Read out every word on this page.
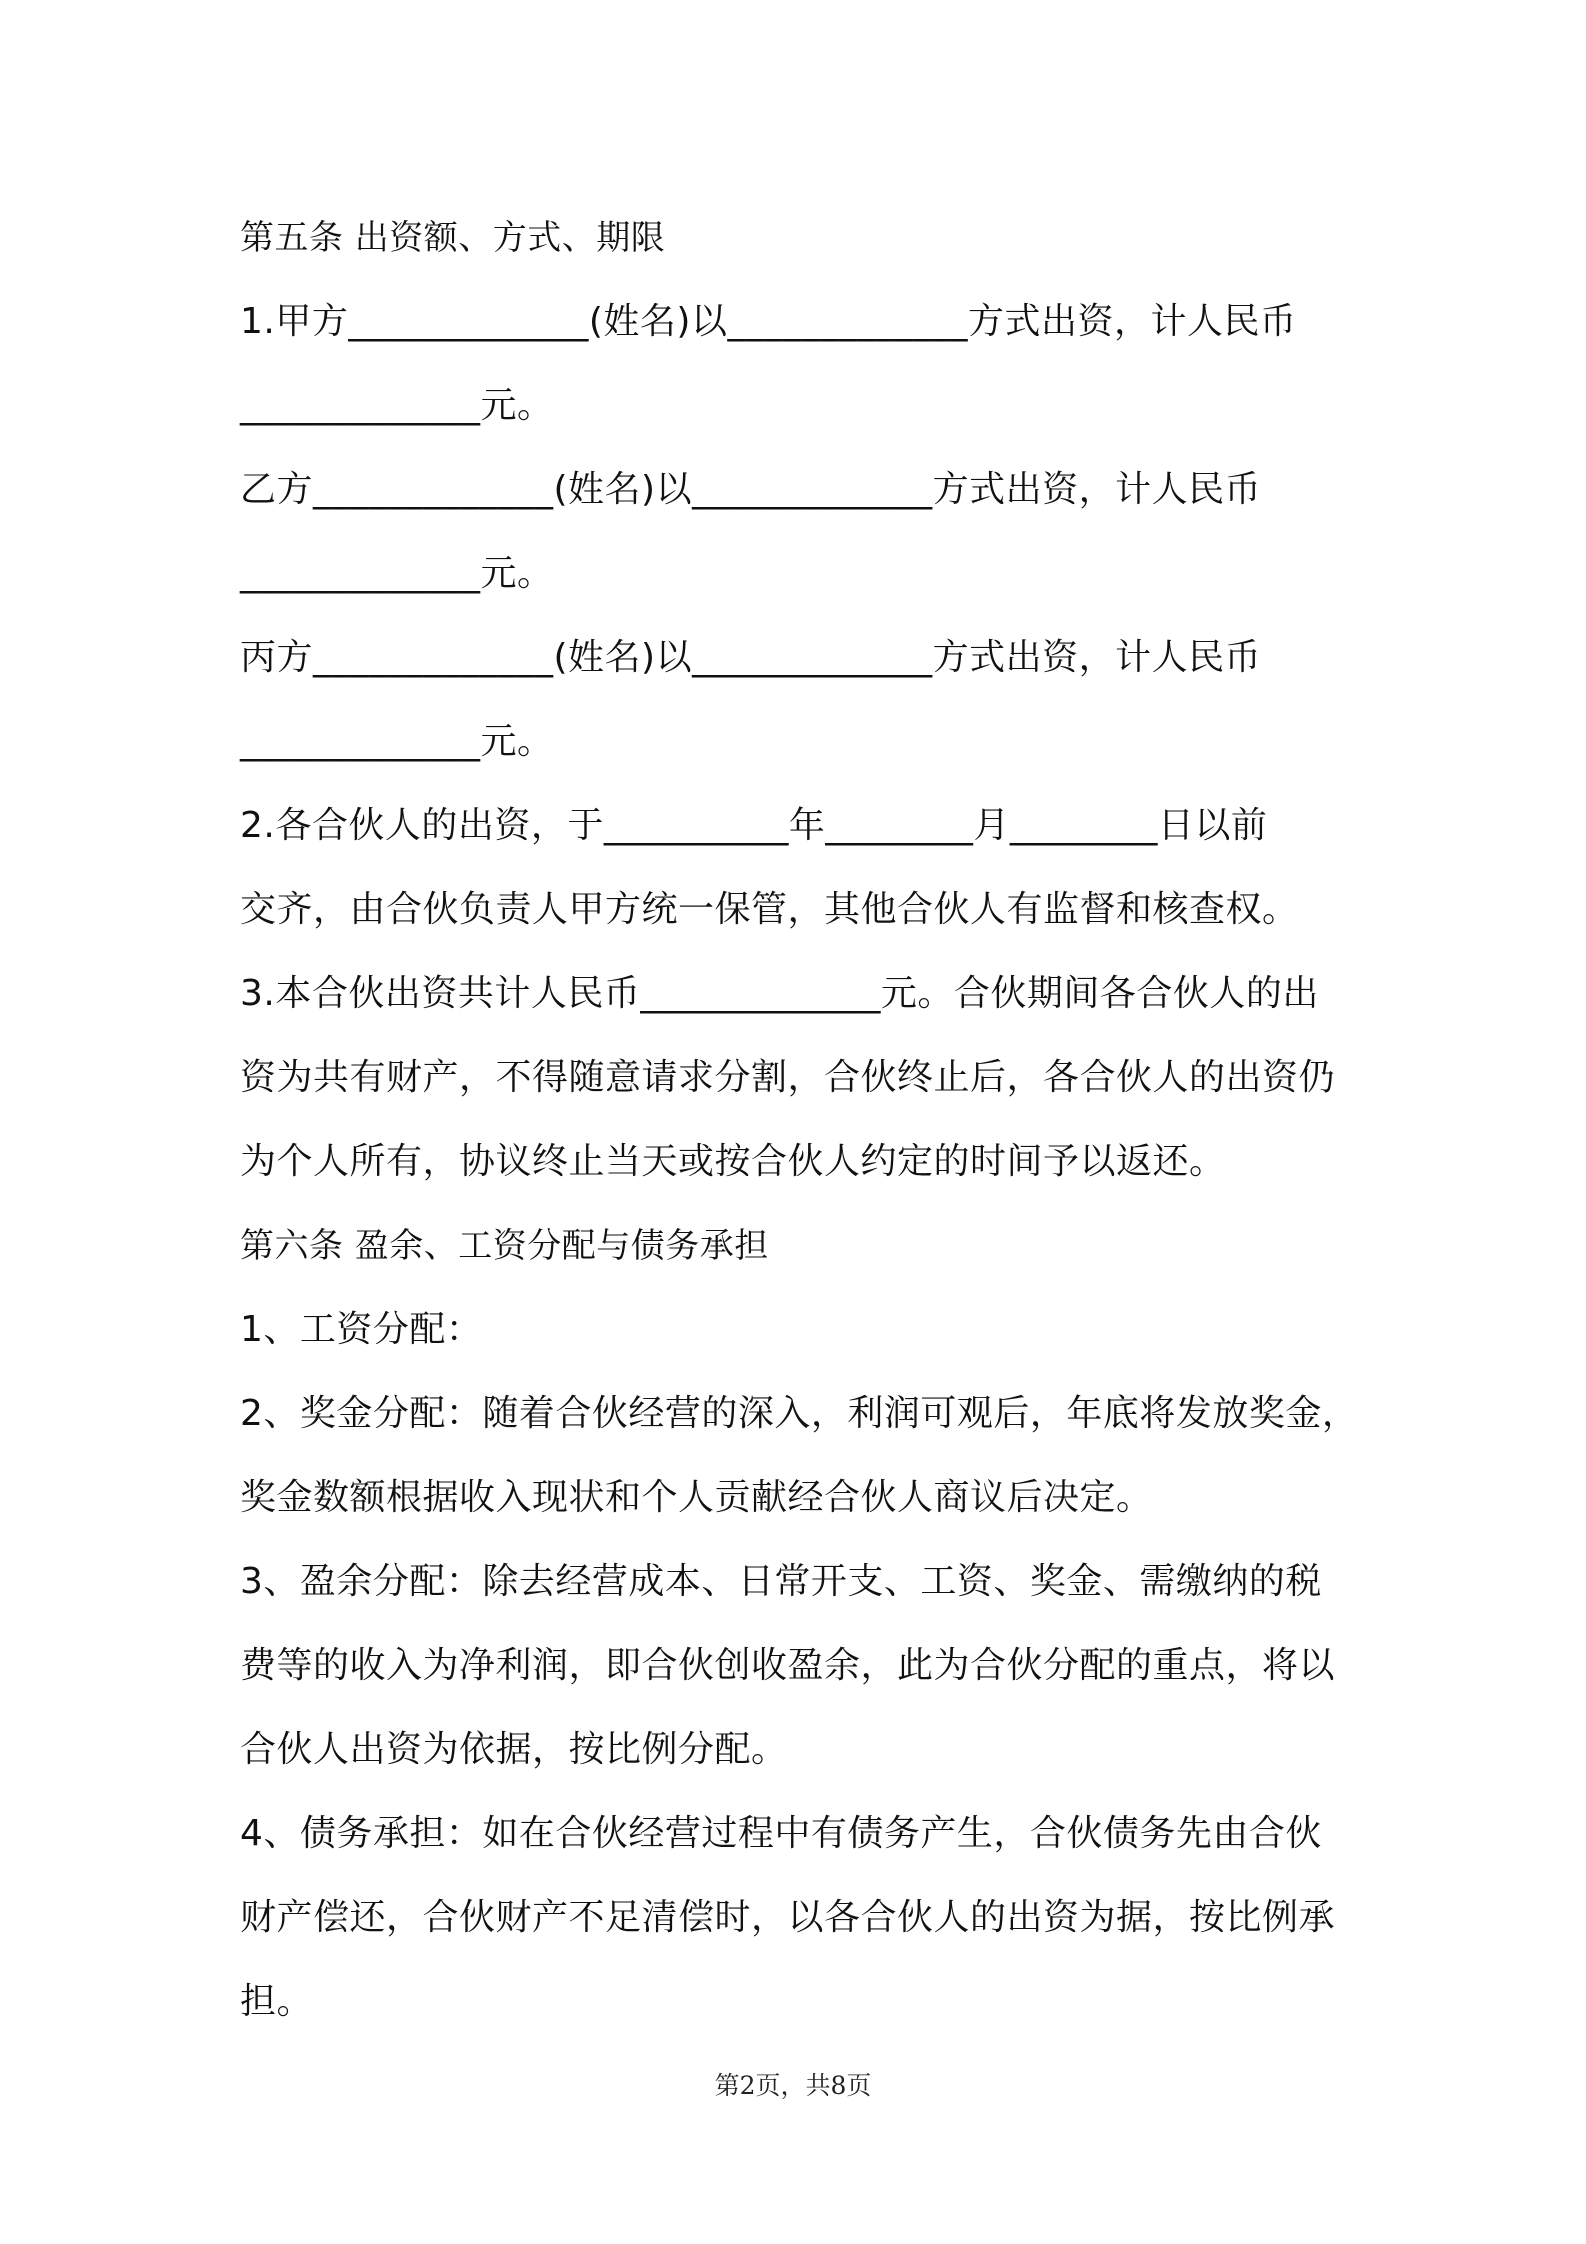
第五条 出资额、方式、期限
1.甲方_____________(姓名)以_____________方式出资，计人民币
_____________元。
乙方_____________(姓名)以_____________方式出资，计人民币
_____________元。
丙方_____________(姓名)以_____________方式出资，计人民币
_____________元。
2.各合伙人的出资，于__________年________月________日以前
交齐，由合伙负责人甲方统一保管，其他合伙人有监督和核查权。
3.本合伙出资共计人民币_____________元。合伙期间各合伙人的出
资为共有财产，不得随意请求分割，合伙终止后，各合伙人的出资仍
为个人所有，协议终止当天或按合伙人约定的时间予以返还。
第六条 盈余、工资分配与债务承担
1、工资分配：
2、奖金分配：随着合伙经营的深入，利润可观后，年底将发放奖金，
奖金数额根据收入现状和个人贡献经合伙人商议后决定。
3、盈余分配：除去经营成本、日常开支、工资、奖金、需缴纳的税
费等的收入为净利润，即合伙创收盈余，此为合伙分配的重点，将以
合伙人出资为依据，按比例分配。
4、债务承担：如在合伙经营过程中有债务产生，合伙债务先由合伙
财产偿还，合伙财产不足清偿时，以各合伙人的出资为据，按比例承
担。
第2页，共8页
